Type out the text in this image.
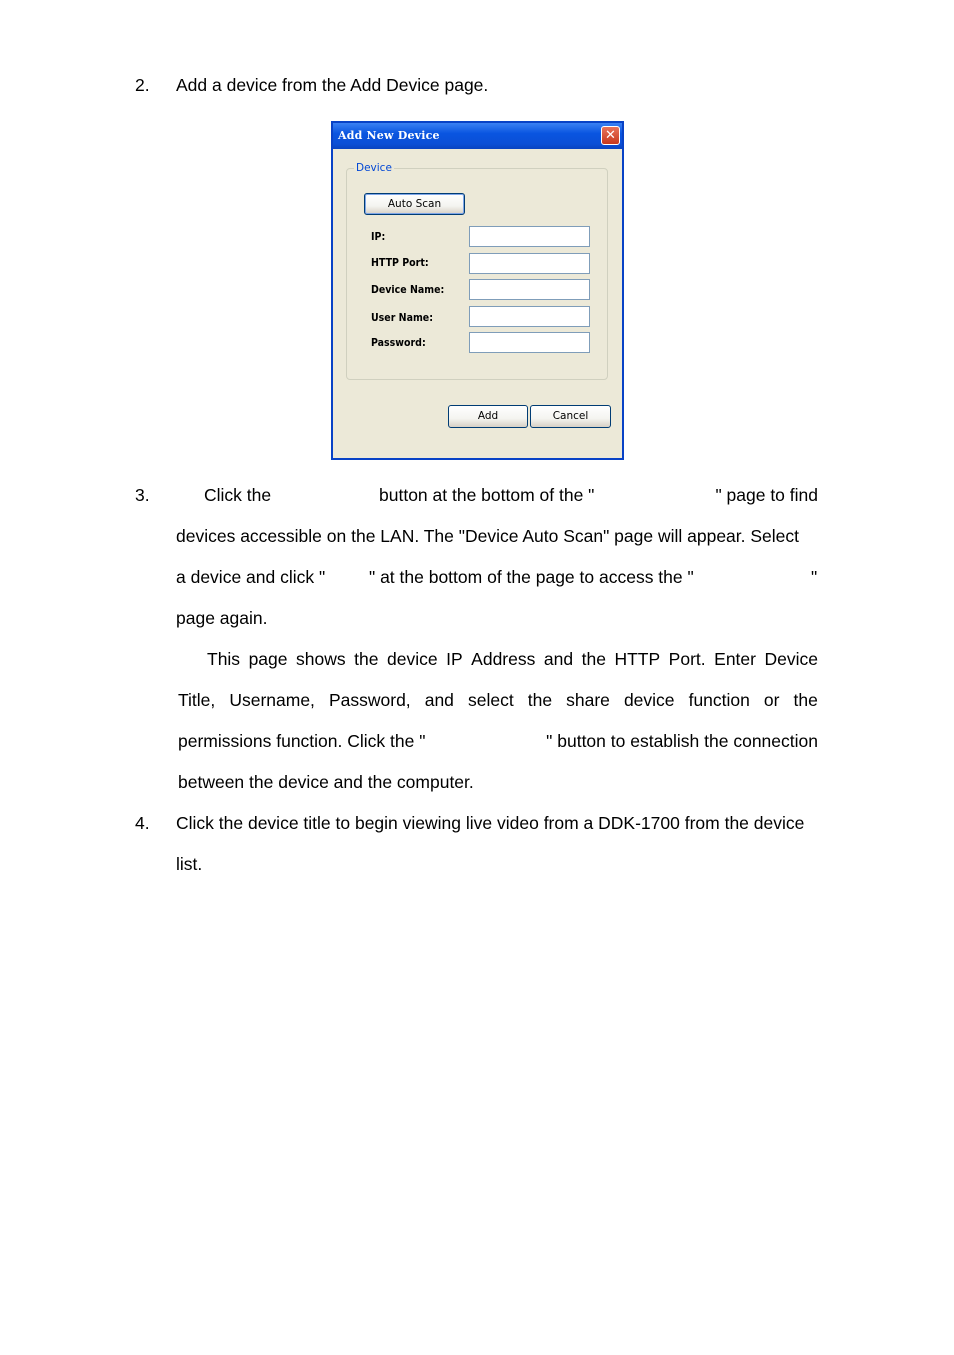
2. Add a device from the Add Device page.
Add New Device	✕
Device
Auto Scan
IP:
HTTP Port:
Device Name:
User Name:
Password:
Add	Cancel
3.	Click the	button at the bottom of the "	" page to find
devices accessible on the LAN. The "Device Auto Scan" page will appear. Select
a device and click "	" at the bottom of the page to access the "	"
page again.
This page shows the device IP Address and the HTTP Port. Enter Device
Title, Username, Password, and select the share device function or the
permissions function. Click the "	" button to establish the connection
between the device and the computer.
4. Click the device title to begin viewing live video from a DDK-1700 from the device
list.
